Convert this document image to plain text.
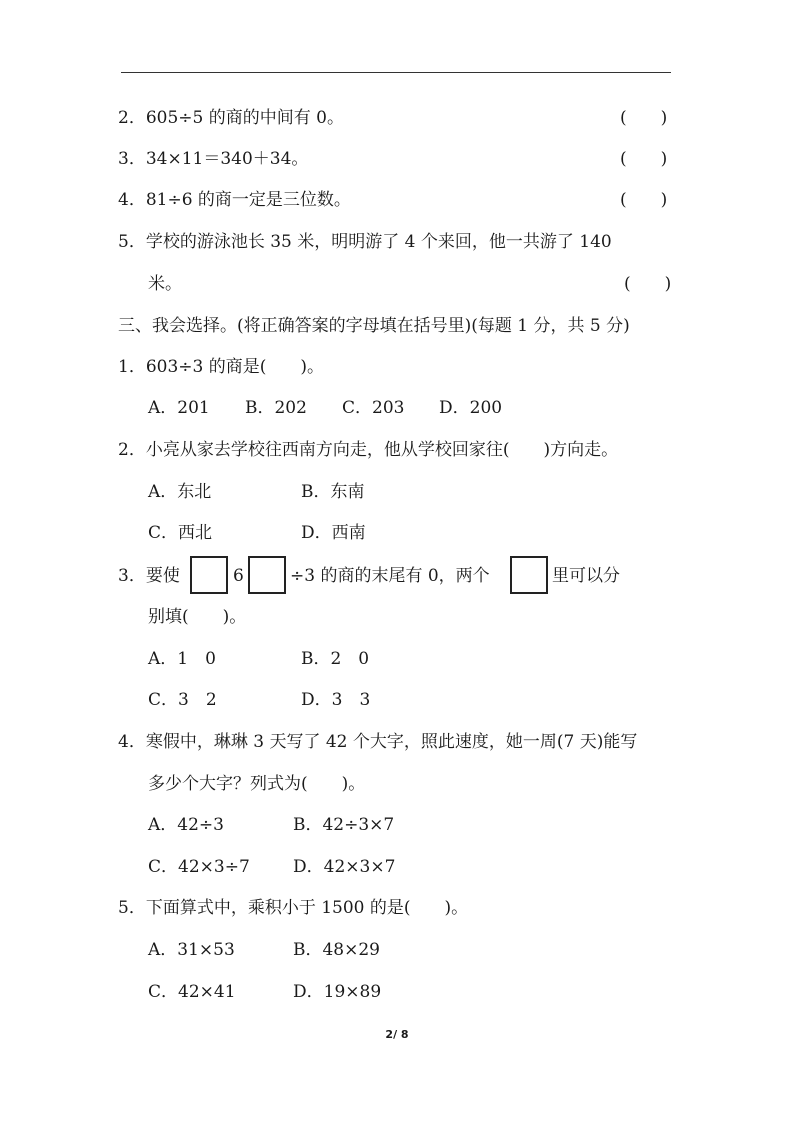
2．605÷5 的商的中间有 0。	(　　)
3．34×11＝340＋34。	(　　)
4．81÷6 的商一定是三位数。	(　　)
5．学校的游泳池长 35 米，明明游了 4 个来回，他一共游了 140
米。	(　　)
三、我会选择。(将正确答案的字母填在括号里)(每题 1 分，共 5 分)
1．603÷3 的商是(　　)。
A．201 B．202 C．203 D．200
2．小亮从家去学校往西南方向走，他从学校回家往(　　)方向走。
A．东北	B．东南
C．西北	D．西南
3．要使	6	÷3 的商的末尾有 0，两个	里可以分
别填(　　)。
A．1　0	B．2　0
C．3　2	D．3　3
4．寒假中，琳琳 3 天写了 42 个大字，照此速度，她一周(7 天)能写
多少个大字？列式为(　　)。
A．42÷3	B．42÷3×7
C．42×3÷7	D．42×3×7
5．下面算式中，乘积小于 1500 的是(　　)。
A．31×53	B．48×29
C．42×41	D．19×89
2/ 8
